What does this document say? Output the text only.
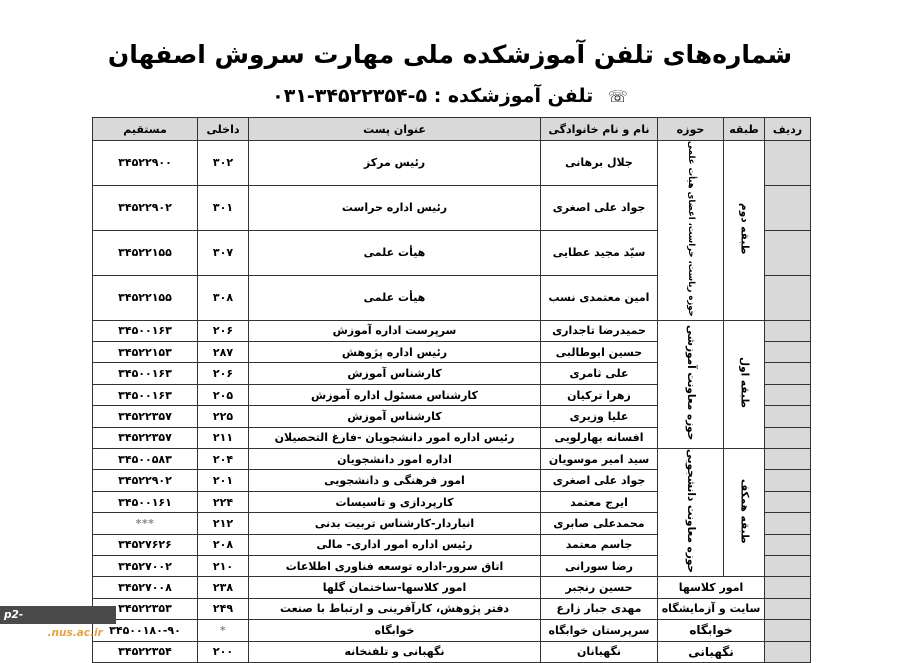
شماره‌های تلفن آموزشکده ملی مهارت سروش اصفهان
☏ تلفن آموزشکده : ۰۳۱-۳۴۵۲۲۳۵۴-۵
ردیف	طبقه	حوزه	نام و نام خانوادگی	عنوان پست	داخلی	مستقیم
	طبقه دوم	حوزه ریاست، حراست، اعضای هیأت علمی	جلال برهانی	رئیس مرکز	۳۰۲	۳۴۵۲۲۹۰۰
			جواد علی اصغری	رئیس اداره حراست	۳۰۱	۳۴۵۲۲۹۰۲
			سیّد مجید عطایی	هیأت علمی	۳۰۷	۳۴۵۲۲۱۵۵
			امین معتمدی نسب	هیأت علمی	۳۰۸	۳۴۵۲۲۱۵۵
	طبقه اول	حوزه معاونت آموزشی	حمیدرضا تاجداری	سرپرست اداره آموزش	۲۰۶	۳۴۵۰۰۱۶۳
			حسین ابوطالبی	رئیس اداره پژوهش	۲۸۷	۳۴۵۲۲۱۵۳
			علی ثامری	کارشناس آموزش	۲۰۶	۳۴۵۰۰۱۶۳
			زهرا ترکیان	کارشناس مسئول اداره آموزش	۲۰۵	۳۴۵۰۰۱۶۳
			علیا وزیری	کارشناس آموزش	۲۲۵	۳۴۵۲۲۳۵۷
			افسانه بهارلویی	رئیس اداره امور دانشجویان -فارغ التحصیلان	۲۱۱	۳۴۵۲۲۳۵۷
	طبقه همکف	حوزه معاونت دانشجویی	سید امیر موسویان	اداره امور دانشجویان	۲۰۴	۳۴۵۰۰۵۸۳
			جواد علی اصغری	امور فرهنگی و دانشجویی	۲۰۱	۳۴۵۲۲۹۰۲
			ایرج معتمد	کارپردازی و تاسیسات	۲۲۴	۳۴۵۰۰۱۶۱
			محمدعلی صابری	انباردار-کارشناس تربیت بدنی	۲۱۲	***
			جاسم معتمد	رئیس اداره امور اداری- مالی	۲۰۸	۳۴۵۲۷۶۲۶
			رضا سورانی	اتاق سرور-اداره توسعه فناوری اطلاعات	۲۱۰	۳۴۵۲۷۰۰۲
	امور کلاسها		حسین رنجبر	امور کلاسها-ساختمان گلها	۲۳۸	۳۴۵۲۷۰۰۸
	سایت و آزمایشگاه		مهدی جبار زارع	دفتر پژوهش، کارآفرینی و ارتباط با صنعت	۲۴۹	۳۴۵۲۲۳۵۳
	خوابگاه		سرپرستان خوابگاه	خوابگاه	*	۳۴۵۰۰۱۸۰-۹۰
	نگهبانی		نگهبانان	نگهبانی و تلفنخانه	۲۰۰	۳۴۵۲۲۳۵۴
p2-isfahan.nus.ac.ir
